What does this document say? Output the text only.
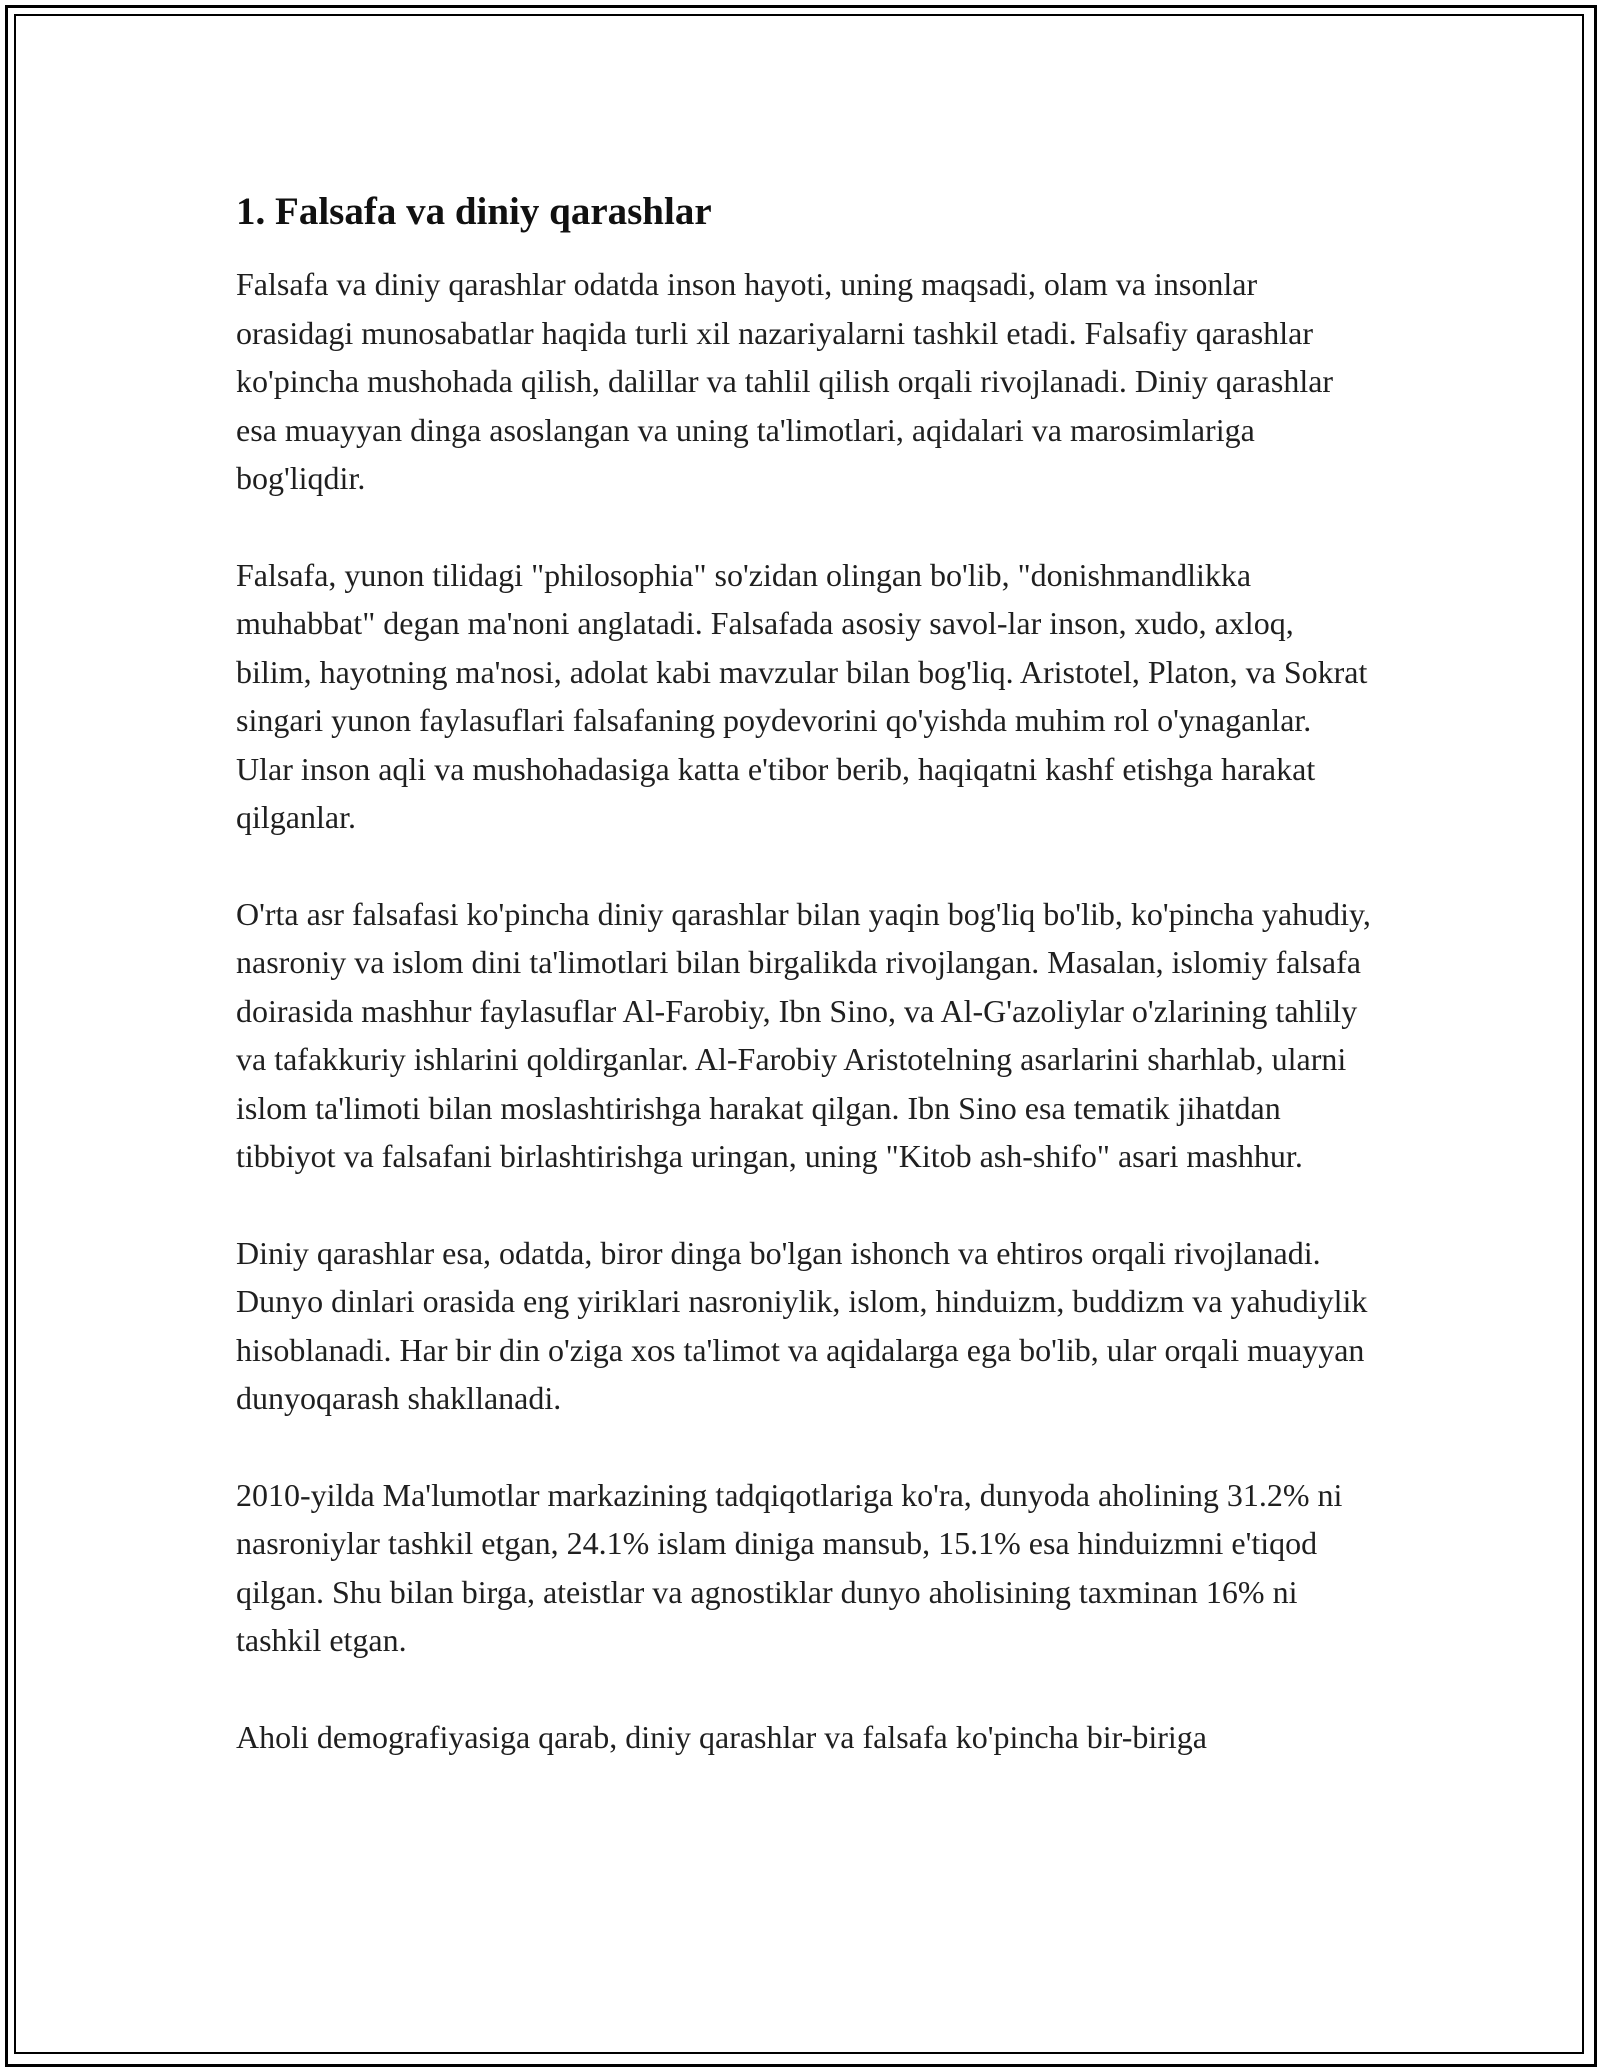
1. Falsafa va diniy qarashlar

Falsafa va diniy qarashlar odatda inson hayoti, uning maqsadi, olam va insonlar orasidagi munosabatlar haqida turli xil nazariyalarni tashkil etadi. Falsafiy qarashlar ko'pincha mushohada qilish, dalillar va tahlil qilish orqali rivojlanadi. Diniy qarashlar esa muayyan dinga asoslangan va uning ta'limotlari, aqidalari va marosimlariga bog'liqdir.

Falsafa, yunon tilidagi "philosophia" so'zidan olingan bo'lib, "donishmandlikka muhabbat" degan ma'noni anglatadi. Falsafada asosiy savol-lar inson, xudo, axloq, bilim, hayotning ma'nosi, adolat kabi mavzular bilan bog'liq. Aristotel, Platon, va Sokrat singari yunon faylasuflari falsafaning poydevorini qo'yishda muhim rol o'ynaganlar. Ular inson aqli va mushohadasiga katta e'tibor berib, haqiqatni kashf etishga harakat qilganlar.

O'rta asr falsafasi ko'pincha diniy qarashlar bilan yaqin bog'liq bo'lib, ko'pincha yahudiy, nasroniy va islom dini ta'limotlari bilan birgalikda rivojlangan. Masalan, islomiy falsafa doirasida mashhur faylasuflar Al-Farobiy, Ibn Sino, va Al-G'azoliylar o'zlarining tahlily va tafakkuriy ishlarini qoldirganlar. Al-Farobiy Aristotelning asarlarini sharhlab, ularni islom ta'limoti bilan moslashtirishga harakat qilgan. Ibn Sino esa tematik jihatdan tibbiyot va falsafani birlashtirishga uringan, uning "Kitob ash-shifo" asari mashhur.

Diniy qarashlar esa, odatda, biror dinga bo'lgan ishonch va ehtiros orqali rivojlanadi. Dunyo dinlari orasida eng yiriklari nasroniylik, islom, hinduizm, buddizm va yahudiylik hisoblanadi. Har bir din o'ziga xos ta'limot va aqidalarga ega bo'lib, ular orqali muayyan dunyoqarash shakllanadi.

2010-yilda Ma'lumotlar markazining tadqiqotlariga ko'ra, dunyoda aholining 31.2% ni nasroniylar tashkil etgan, 24.1% islam diniga mansub, 15.1% esa hinduizmni e'tiqod qilgan. Shu bilan birga, ateistlar va agnostiklar dunyo aholisining taxminan 16% ni tashkil etgan.

Aholi demografiyasiga qarab, diniy qarashlar va falsafa ko'pincha bir-biriga
